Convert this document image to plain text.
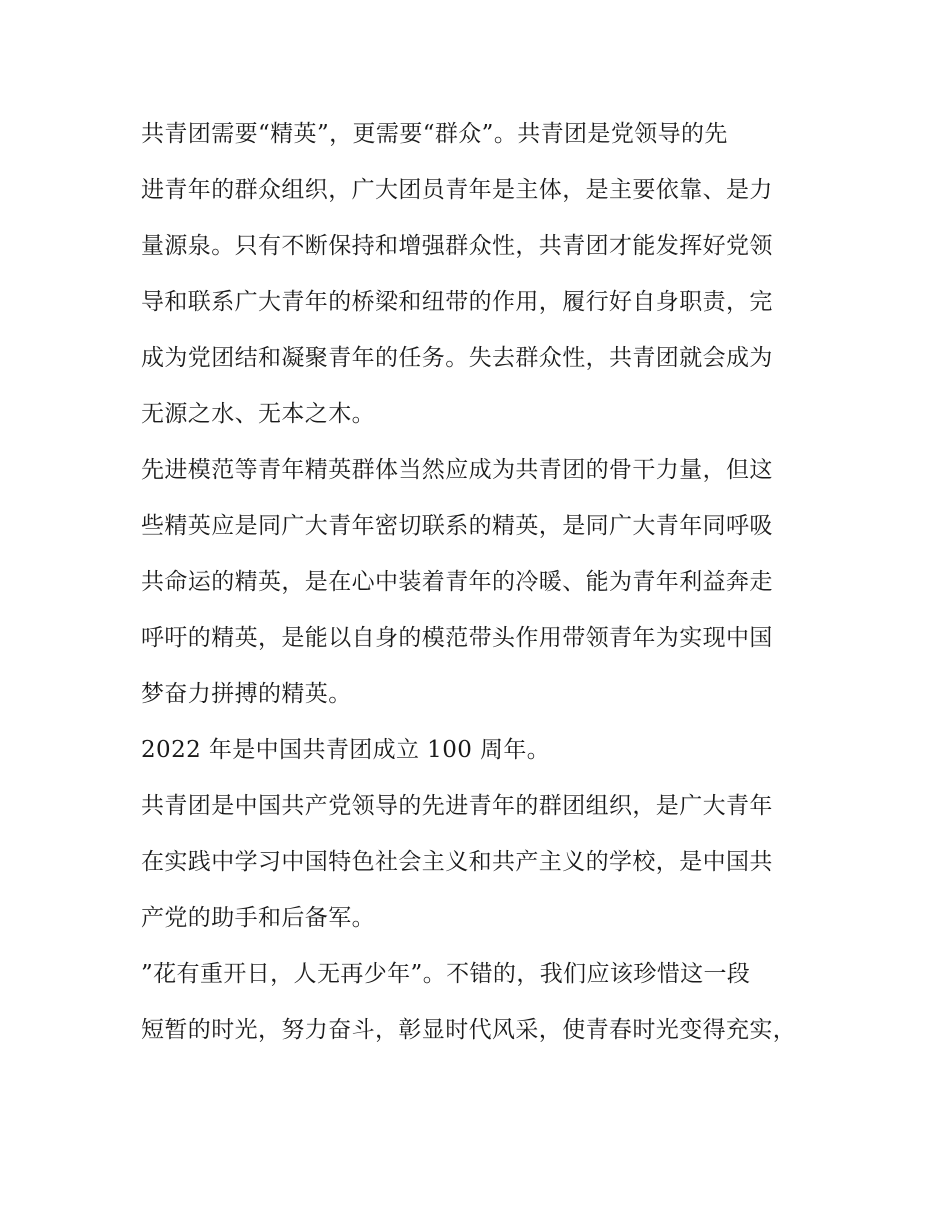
共青团需要“精英”，更需要“群众”。共青团是党领导的先
进青年的群众组织，广大团员青年是主体，是主要依靠、是力
量源泉。只有不断保持和增强群众性，共青团才能发挥好党领
导和联系广大青年的桥梁和纽带的作用，履行好自身职责，完
成为党团结和凝聚青年的任务。失去群众性，共青团就会成为
无源之水、无本之木。
先进模范等青年精英群体当然应成为共青团的骨干力量，但这
些精英应是同广大青年密切联系的精英，是同广大青年同呼吸
共命运的精英，是在心中装着青年的冷暖、能为青年利益奔走
呼吁的精英，是能以自身的模范带头作用带领青年为实现中国
梦奋力拼搏的精英。
2022 年是中国共青团成立 100 周年。
共青团是中国共产党领导的先进青年的群团组织，是广大青年
在实践中学习中国特色社会主义和共产主义的学校，是中国共
产党的助手和后备军。
”花有重开日，人无再少年”。不错的，我们应该珍惜这一段
短暂的时光，努力奋斗，彰显时代风采，使青春时光变得充实，
